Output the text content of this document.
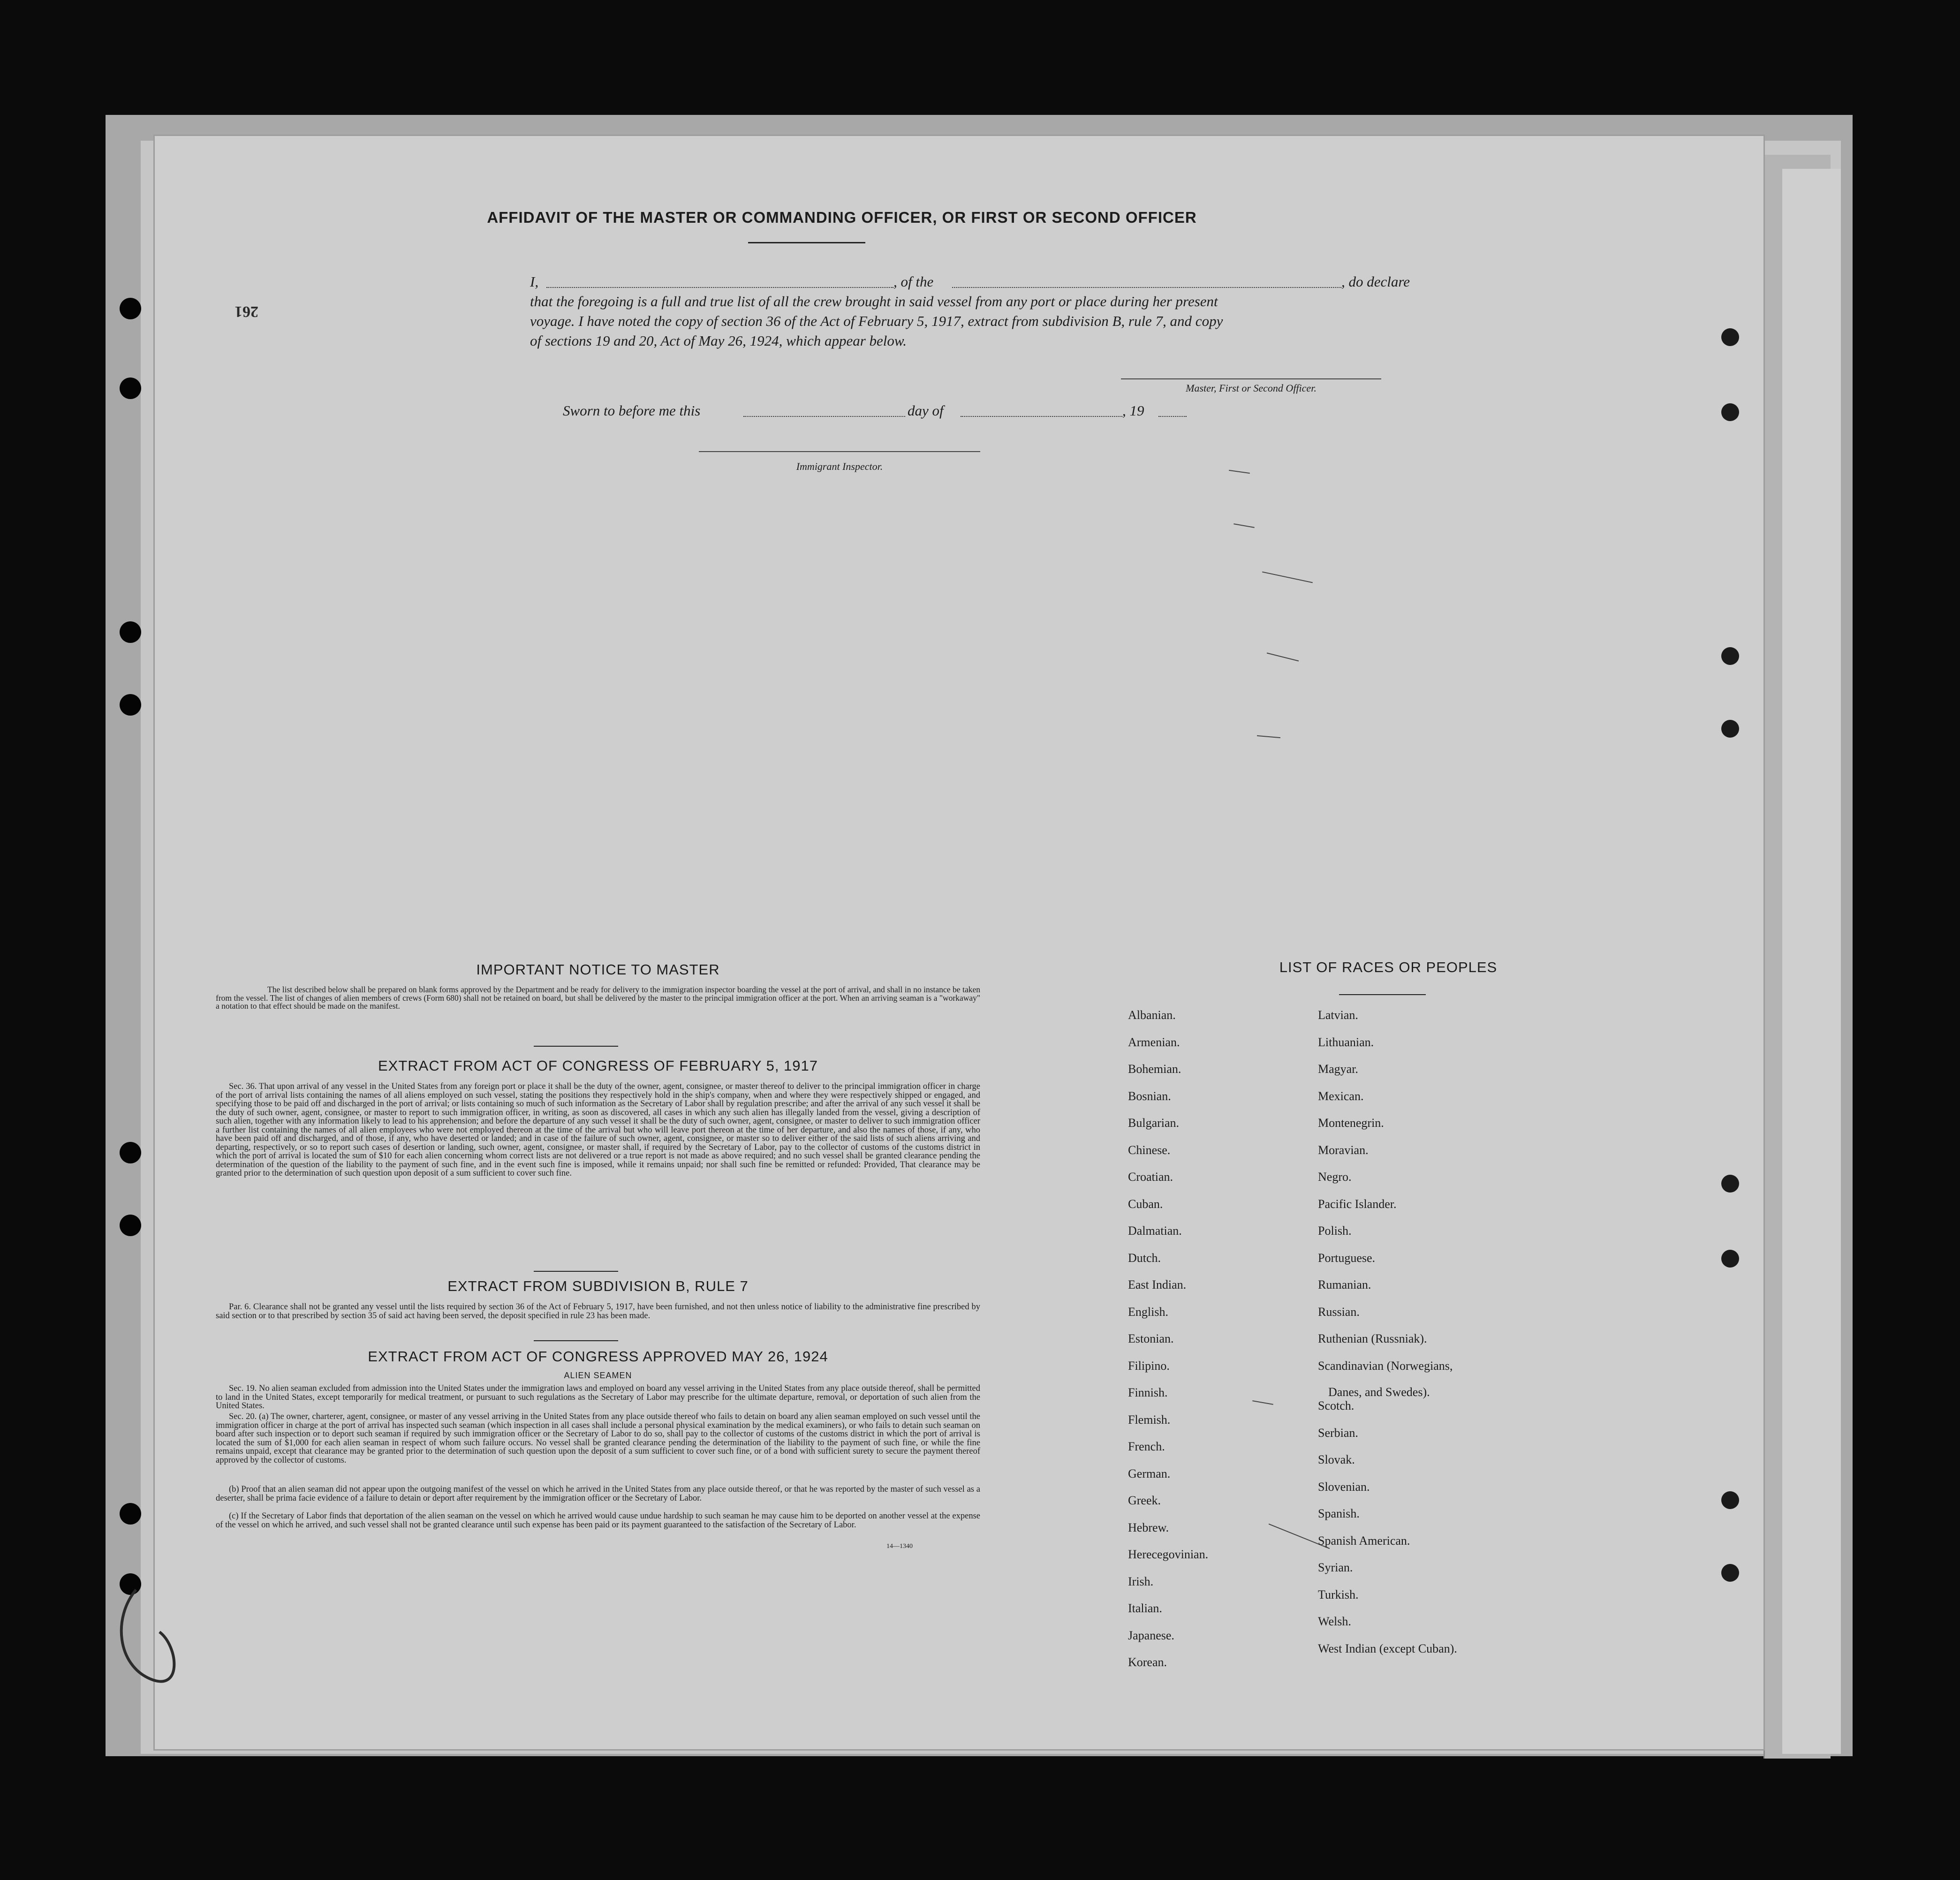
261
AFFIDAVIT OF THE MASTER OR COMMANDING OFFICER, OR FIRST OR SECOND OFFICER
I,	, of the	, do declare
that the foregoing is a full and true list of all the crew brought in said vessel from any port or place during her present
voyage. I have noted the copy of section 36 of the Act of February 5, 1917, extract from subdivision B, rule 7, and copy
of sections 19 and 20, Act of May 26, 1924, which appear below.
Master, First or Second Officer.
Sworn to before me this	day of	, 19
Immigrant Inspector.
IMPORTANT NOTICE TO MASTER
The list described below shall be prepared on blank forms approved by the Department and be ready for delivery to the immigration inspector boarding the vessel at the port of arrival, and shall in no instance be taken from the vessel. The list of changes of alien members of crews (Form 680) shall not be retained on board, but shall be delivered by the master to the principal immigration officer at the port. When an arriving seaman is a "workaway" a notation to that effect should be made on the manifest.
EXTRACT FROM ACT OF CONGRESS OF FEBRUARY 5, 1917
Sec. 36. That upon arrival of any vessel in the United States from any foreign port or place it shall be the duty of the owner, agent, consignee, or master thereof to deliver to the principal immigration officer in charge of the port of arrival lists containing the names of all aliens employed on such vessel, stating the positions they respectively hold in the ship's company, when and where they were respectively shipped or engaged, and specifying those to be paid off and discharged in the port of arrival; or lists containing so much of such information as the Secretary of Labor shall by regulation prescribe; and after the arrival of any such vessel it shall be the duty of such owner, agent, consignee, or master to report to such immigration officer, in writing, as soon as discovered, all cases in which any such alien has illegally landed from the vessel, giving a description of such alien, together with any information likely to lead to his apprehension; and before the departure of any such vessel it shall be the duty of such owner, agent, consignee, or master to deliver to such immigration officer a further list containing the names of all alien employees who were not employed thereon at the time of the arrival but who will leave port thereon at the time of her departure, and also the names of those, if any, who have been paid off and discharged, and of those, if any, who have deserted or landed; and in case of the failure of such owner, agent, consignee, or master so to deliver either of the said lists of such aliens arriving and departing, respectively, or so to report such cases of desertion or landing, such owner, agent, consignee, or master shall, if required by the Secretary of Labor, pay to the collector of customs of the customs district in which the port of arrival is located the sum of $10 for each alien concerning whom correct lists are not delivered or a true report is not made as above required; and no such vessel shall be granted clearance pending the determination of the question of the liability to the payment of such fine, and in the event such fine is imposed, while it remains unpaid; nor shall such fine be remitted or refunded: Provided, That clearance may be granted prior to the determination of such question upon deposit of a sum sufficient to cover such fine.
EXTRACT FROM SUBDIVISION B, RULE 7
Par. 6. Clearance shall not be granted any vessel until the lists required by section 36 of the Act of February 5, 1917, have been furnished, and not then unless notice of liability to the administrative fine prescribed by said section or to that prescribed by section 35 of said act having been served, the deposit specified in rule 23 has been made.
EXTRACT FROM ACT OF CONGRESS APPROVED MAY 26, 1924
ALIEN SEAMEN
Sec. 19. No alien seaman excluded from admission into the United States under the immigration laws and employed on board any vessel arriving in the United States from any place outside thereof, shall be permitted to land in the United States, except temporarily for medical treatment, or pursuant to such regulations as the Secretary of Labor may prescribe for the ultimate departure, removal, or deportation of such alien from the United States.
Sec. 20. (a) The owner, charterer, agent, consignee, or master of any vessel arriving in the United States from any place outside thereof who fails to detain on board any alien seaman employed on such vessel until the immigration officer in charge at the port of arrival has inspected such seaman (which inspection in all cases shall include a personal physical examination by the medical examiners), or who fails to detain such seaman on board after such inspection or to deport such seaman if required by such immigration officer or the Secretary of Labor to do so, shall pay to the collector of customs of the customs district in which the port of arrival is located the sum of $1,000 for each alien seaman in respect of whom such failure occurs. No vessel shall be granted clearance pending the determination of the liability to the payment of such fine, or while the fine remains unpaid, except that clearance may be granted prior to the determination of such question upon the deposit of a sum sufficient to cover such fine, or of a bond with sufficient surety to secure the payment thereof approved by the collector of customs.
(b) Proof that an alien seaman did not appear upon the outgoing manifest of the vessel on which he arrived in the United States from any place outside thereof, or that he was reported by the master of such vessel as a deserter, shall be prima facie evidence of a failure to detain or deport after requirement by the immigration officer or the Secretary of Labor.
(c) If the Secretary of Labor finds that deportation of the alien seaman on the vessel on which he arrived would cause undue hardship to such seaman he may cause him to be deported on another vessel at the expense of the vessel on which he arrived, and such vessel shall not be granted clearance until such expense has been paid or its payment guaranteed to the satisfaction of the Secretary of Labor.
14—1340
LIST OF RACES OR PEOPLES
Albanian.
Armenian.
Bohemian.
Bosnian.
Bulgarian.
Chinese.
Croatian.
Cuban.
Dalmatian.
Dutch.
East Indian.
English.
Estonian.
Filipino.
Finnish.
Flemish.
French.
German.
Greek.
Hebrew.
Herecegovinian.
Irish.
Italian.
Japanese.
Korean.
Latvian.
Lithuanian.
Magyar.
Mexican.
Montenegrin.
Moravian.
Negro.
Pacific Islander.
Polish.
Portuguese.
Rumanian.
Russian.
Ruthenian (Russniak).
Scandinavian (Norwegians,
Danes, and Swedes).
Scotch.
Serbian.
Slovak.
Slovenian.
Spanish.
Spanish American.
Syrian.
Turkish.
Welsh.
West Indian (except Cuban).
